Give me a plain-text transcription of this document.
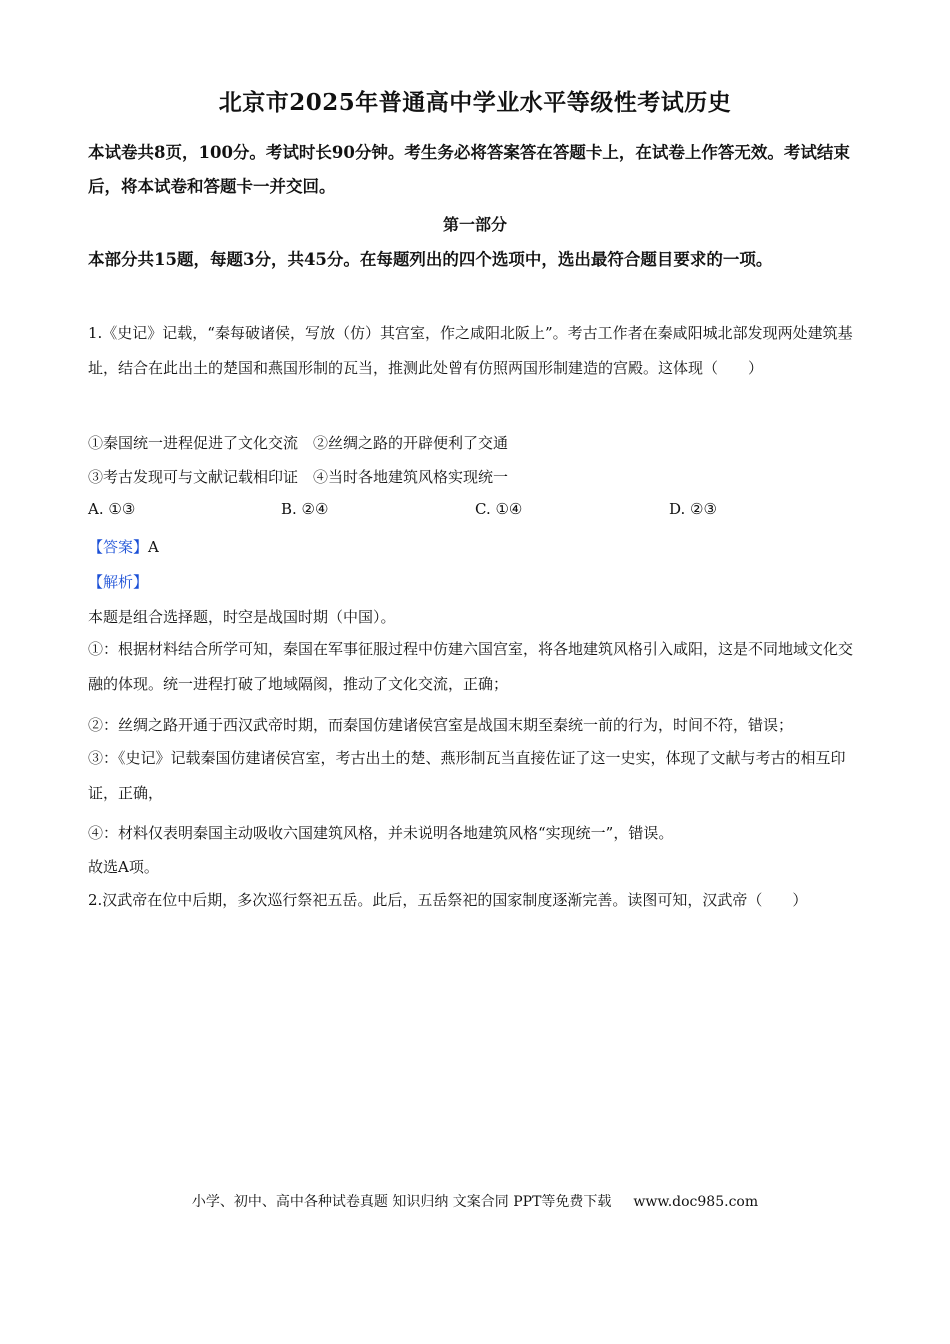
北京市2025年普通高中学业水平等级性考试历史
本试卷共8页，100分。考试时长90分钟。考生务必将答案答在答题卡上，在试卷上作答无效。考试结束后，将本试卷和答题卡一并交回。
第一部分
本部分共15题，每题3分，共45分。在每题列出的四个选项中，选出最符合题目要求的一项。
1.《史记》记载，“秦每破诸侯，写放（仿）其宫室，作之咸阳北阪上”。考古工作者在秦咸阳城北部发现两处建筑基址，结合在此出土的楚国和燕国形制的瓦当，推测此处曾有仿照两国形制建造的宫殿。这体现（　　）
①秦国统一进程促进了文化交流　②丝绸之路的开辟便利了交通
③考古发现可与文献记载相印证　④当时各地建筑风格实现统一
A. ①③	B. ②④	C. ①④	D. ②③
【答案】A
【解析】
本题是组合选择题，时空是战国时期（中国）。
①：根据材料结合所学可知，秦国在军事征服过程中仿建六国宫室，将各地建筑风格引入咸阳，这是不同地域文化交融的体现。统一进程打破了地域隔阂，推动了文化交流，正确；
②：丝绸之路开通于西汉武帝时期，而秦国仿建诸侯宫室是战国末期至秦统一前的行为，时间不符，错误；
③：《史记》记载秦国仿建诸侯宫室，考古出土的楚、燕形制瓦当直接佐证了这一史实，体现了文献与考古的相互印证，正确，
④：材料仅表明秦国主动吸收六国建筑风格，并未说明各地建筑风格“实现统一”，错误。
故选A项。
2.汉武帝在位中后期，多次巡行祭祀五岳。此后，五岳祭祀的国家制度逐渐完善。读图可知，汉武帝（　　）
小学、初中、高中各种试卷真题 知识归纳 文案合同 PPT等免费下载 www.doc985.com
